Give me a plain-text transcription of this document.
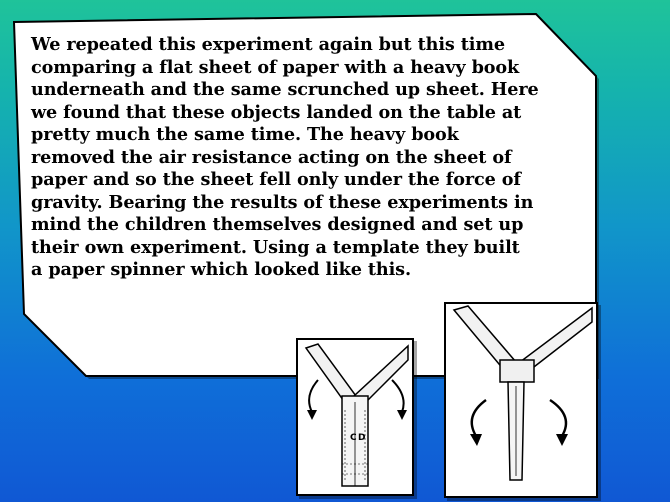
We repeated this experiment again but this time
comparing a flat sheet of paper with a heavy book
underneath and the same scrunched up sheet. Here
we found that these objects landed on the table at
pretty much the same time. The heavy book
removed the air resistance acting on the sheet of
paper and so the sheet fell only under the force of
gravity. Bearing the results of these experiments in
mind the children themselves designed and set up
their own experiment. Using a template they built
a paper spinner which looked like this.
C D
